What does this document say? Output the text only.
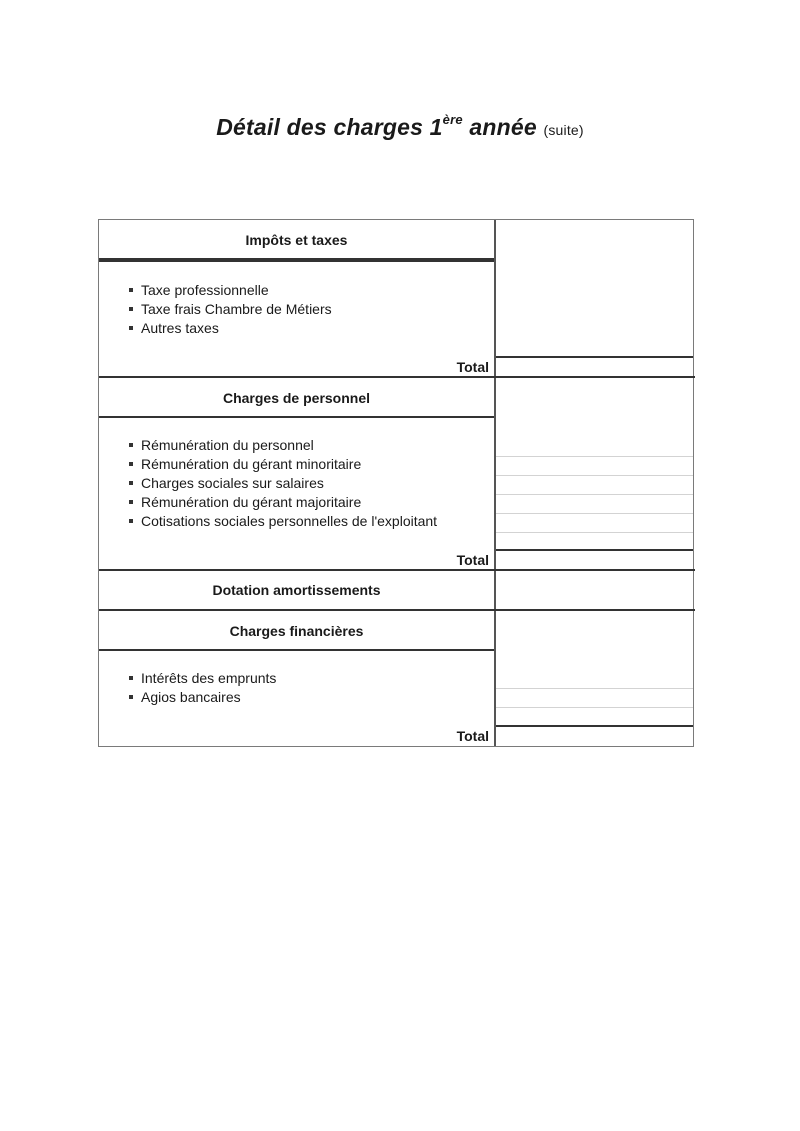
Détail des charges 1ère année (suite)
Impôts et taxes
Taxe professionnelle
Taxe frais Chambre de Métiers
Autres taxes
Total
Charges de personnel
Rémunération du personnel
Rémunération du gérant minoritaire
Charges sociales sur salaires
Rémunération du gérant majoritaire
Cotisations sociales personnelles de l'exploitant
Total
Dotation amortissements
Charges financières
Intérêts des emprunts
Agios bancaires
Total
